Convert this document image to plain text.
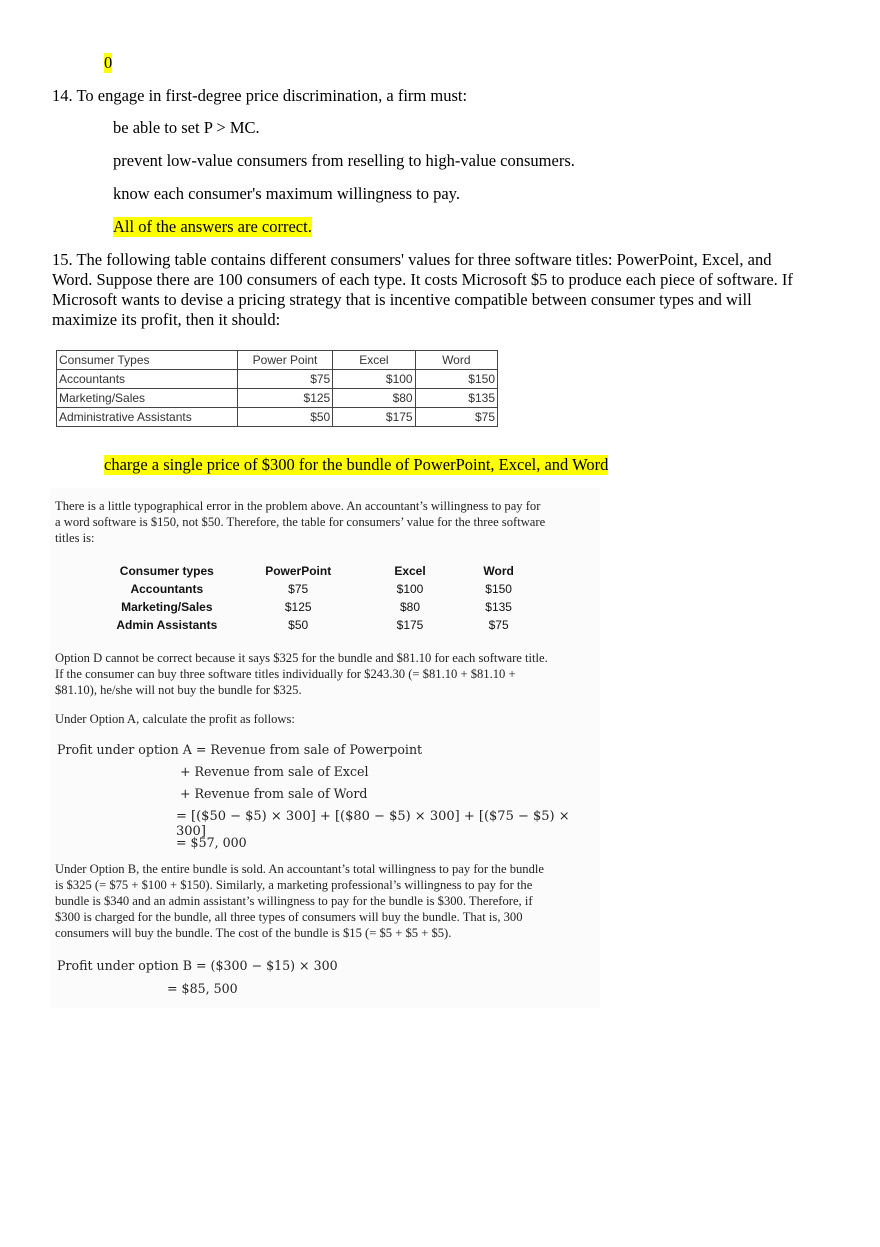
0
14. To engage in first-degree price discrimination, a firm must:
be able to set P > MC.
prevent low-value consumers from reselling to high-value consumers.
know each consumer's maximum willingness to pay.
All of the answers are correct.
15. The following table contains different consumers' values for three software titles: PowerPoint, Excel, and
Word. Suppose there are 100 consumers of each type. It costs Microsoft $5 to produce each piece of software. If
Microsoft wants to devise a pricing strategy that is incentive compatible between consumer types and will
maximize its profit, then it should:
Consumer Types	Power Point	Excel	Word
Accountants	$75	$100	$150
Marketing/Sales	$125	$80	$135
Administrative Assistants	$50	$175	$75
charge a single price of $300 for the bundle of PowerPoint, Excel, and Word
There is a little typographical error in the problem above. An accountant’s willingness to pay for
a word software is $150, not $50. Therefore, the table for consumers’ value for the three software
titles is:
Consumer types	PowerPoint	Excel	Word
Accountants	$75	$100	$150
Marketing/Sales	$125	$80	$135
Admin Assistants	$50	$175	$75
Option D cannot be correct because it says $325 for the bundle and $81.10 for each software title.
If the consumer can buy three software titles individually for $243.30 (= $81.10 + $81.10 +
$81.10), he/she will not buy the bundle for $325.
Under Option A, calculate the profit as follows:
Profit under option A = Revenue from sale of Powerpoint
+ Revenue from sale of Excel
+ Revenue from sale of Word
= [($50 − $5) × 300] + [($80 − $5) × 300] + [($75 − $5) × 300]
= $57, 000
Under Option B, the entire bundle is sold. An accountant’s total willingness to pay for the bundle
is $325 (= $75 + $100 + $150). Similarly, a marketing professional’s willingness to pay for the
bundle is $340 and an admin assistant’s willingness to pay for the bundle is $300. Therefore, if
$300 is charged for the bundle, all three types of consumers will buy the bundle. That is, 300
consumers will buy the bundle. The cost of the bundle is $15 (= $5 + $5 + $5).
Profit under option B = ($300 − $15) × 300
= $85, 500
